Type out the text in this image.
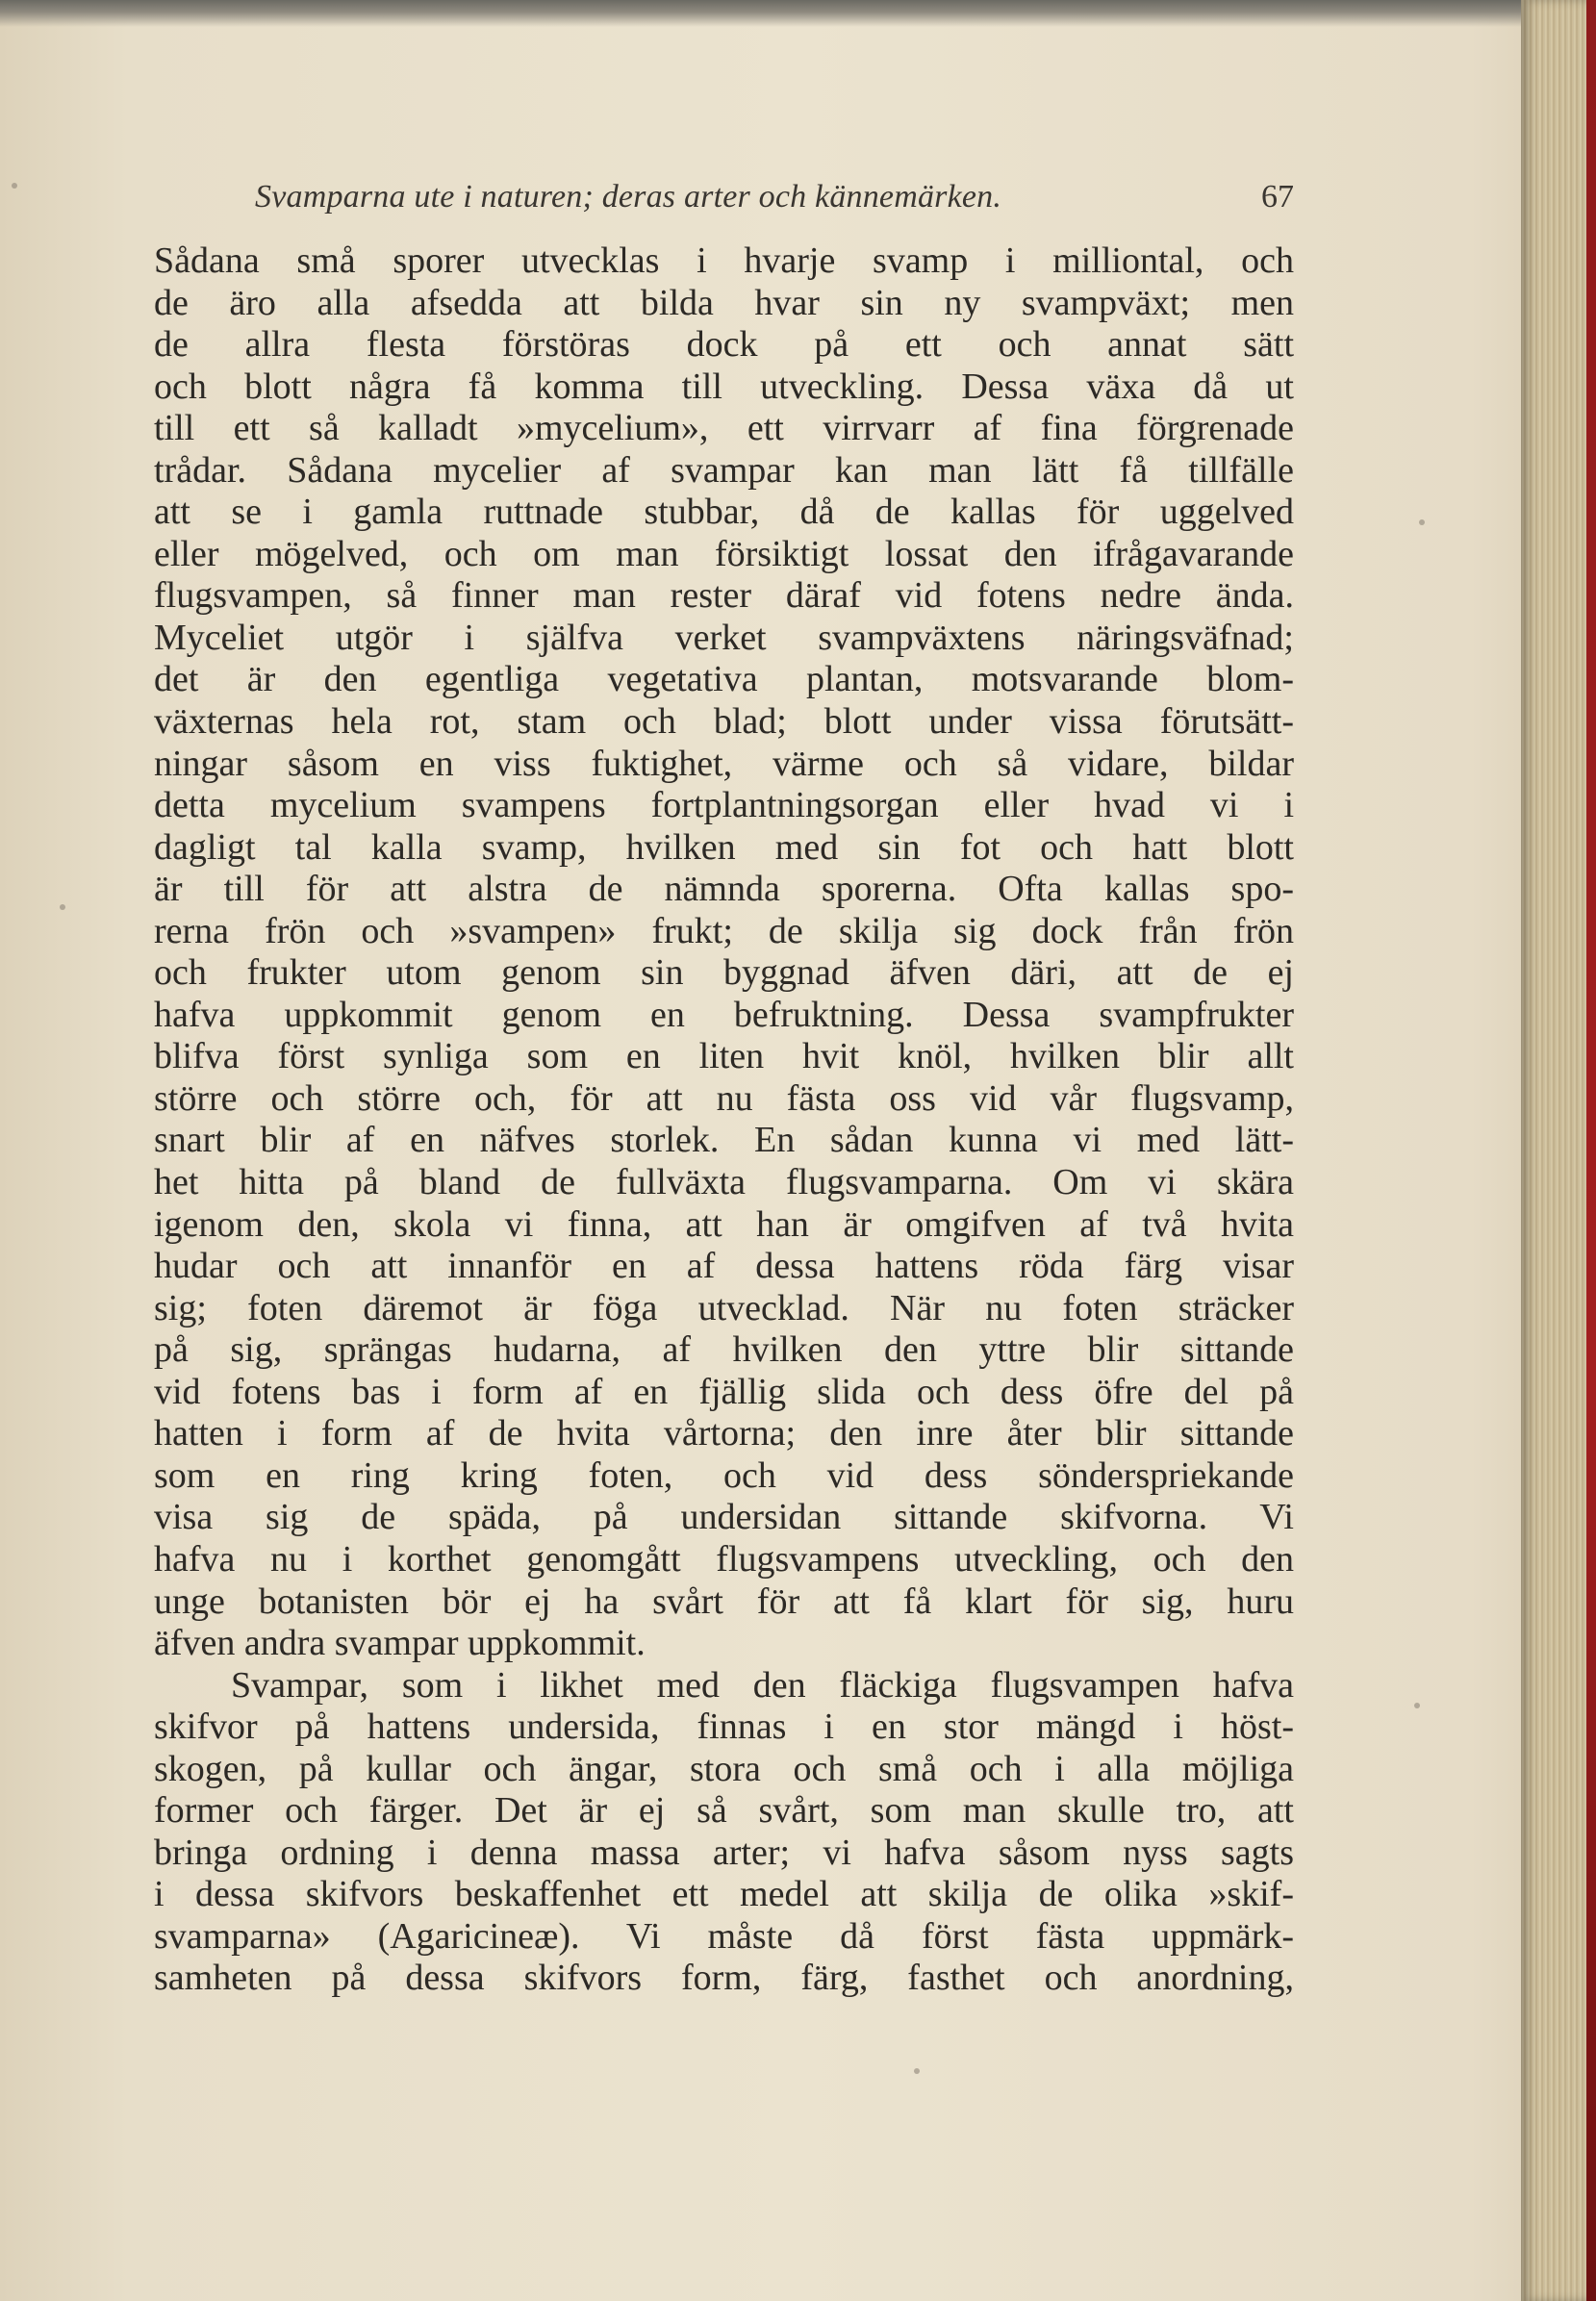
Svamparna ute i naturen; deras arter och kännemärken.	67
Sådana små sporer utvecklas i hvarje svamp i milliontal, och
de äro alla afsedda att bilda hvar sin ny svampväxt; men
de allra flesta förstöras dock på ett och annat sätt
och blott några få komma till utveckling. Dessa växa då ut
till ett så kalladt »mycelium», ett virrvarr af fina förgrenade
trådar. Sådana mycelier af svampar kan man lätt få tillfälle
att se i gamla ruttnade stubbar, då de kallas för uggelved
eller mögelved, och om man försiktigt lossat den ifrågavarande
flugsvampen, så finner man rester däraf vid fotens nedre ända.
Myceliet utgör i själfva verket svampväxtens näringsväfnad;
det är den egentliga vegetativa plantan, motsvarande blom-
växternas hela rot, stam och blad; blott under vissa förutsätt-
ningar såsom en viss fuktighet, värme och så vidare, bildar
detta mycelium svampens fortplantningsorgan eller hvad vi i
dagligt tal kalla svamp, hvilken med sin fot och hatt blott
är till för att alstra de nämnda sporerna. Ofta kallas spo-
rerna frön och »svampen» frukt; de skilja sig dock från frön
och frukter utom genom sin byggnad äfven däri, att de ej
hafva uppkommit genom en befruktning. Dessa svampfrukter
blifva först synliga som en liten hvit knöl, hvilken blir allt
större och större och, för att nu fästa oss vid vår flugsvamp,
snart blir af en näfves storlek. En sådan kunna vi med lätt-
het hitta på bland de fullväxta flugsvamparna. Om vi skära
igenom den, skola vi finna, att han är omgifven af två hvita
hudar och att innanför en af dessa hattens röda färg visar
sig; foten däremot är föga utvecklad. När nu foten sträcker
på sig, sprängas hudarna, af hvilken den yttre blir sittande
vid fotens bas i form af en fjällig slida och dess öfre del på
hatten i form af de hvita vårtorna; den inre åter blir sittande
som en ring kring foten, och vid dess sönderspriekande
visa sig de späda, på undersidan sittande skifvorna. Vi
hafva nu i korthet genomgått flugsvampens utveckling, och den
unge botanisten bör ej ha svårt för att få klart för sig, huru
äfven andra svampar uppkommit.
Svampar, som i likhet med den fläckiga flugsvampen hafva
skifvor på hattens undersida, finnas i en stor mängd i höst-
skogen, på kullar och ängar, stora och små och i alla möjliga
former och färger. Det är ej så svårt, som man skulle tro, att
bringa ordning i denna massa arter; vi hafva såsom nyss sagts
i dessa skifvors beskaffenhet ett medel att skilja de olika »skif-
svamparna» (Agaricineæ). Vi måste då först fästa uppmärk-
samheten på dessa skifvors form, färg, fasthet och anordning,
